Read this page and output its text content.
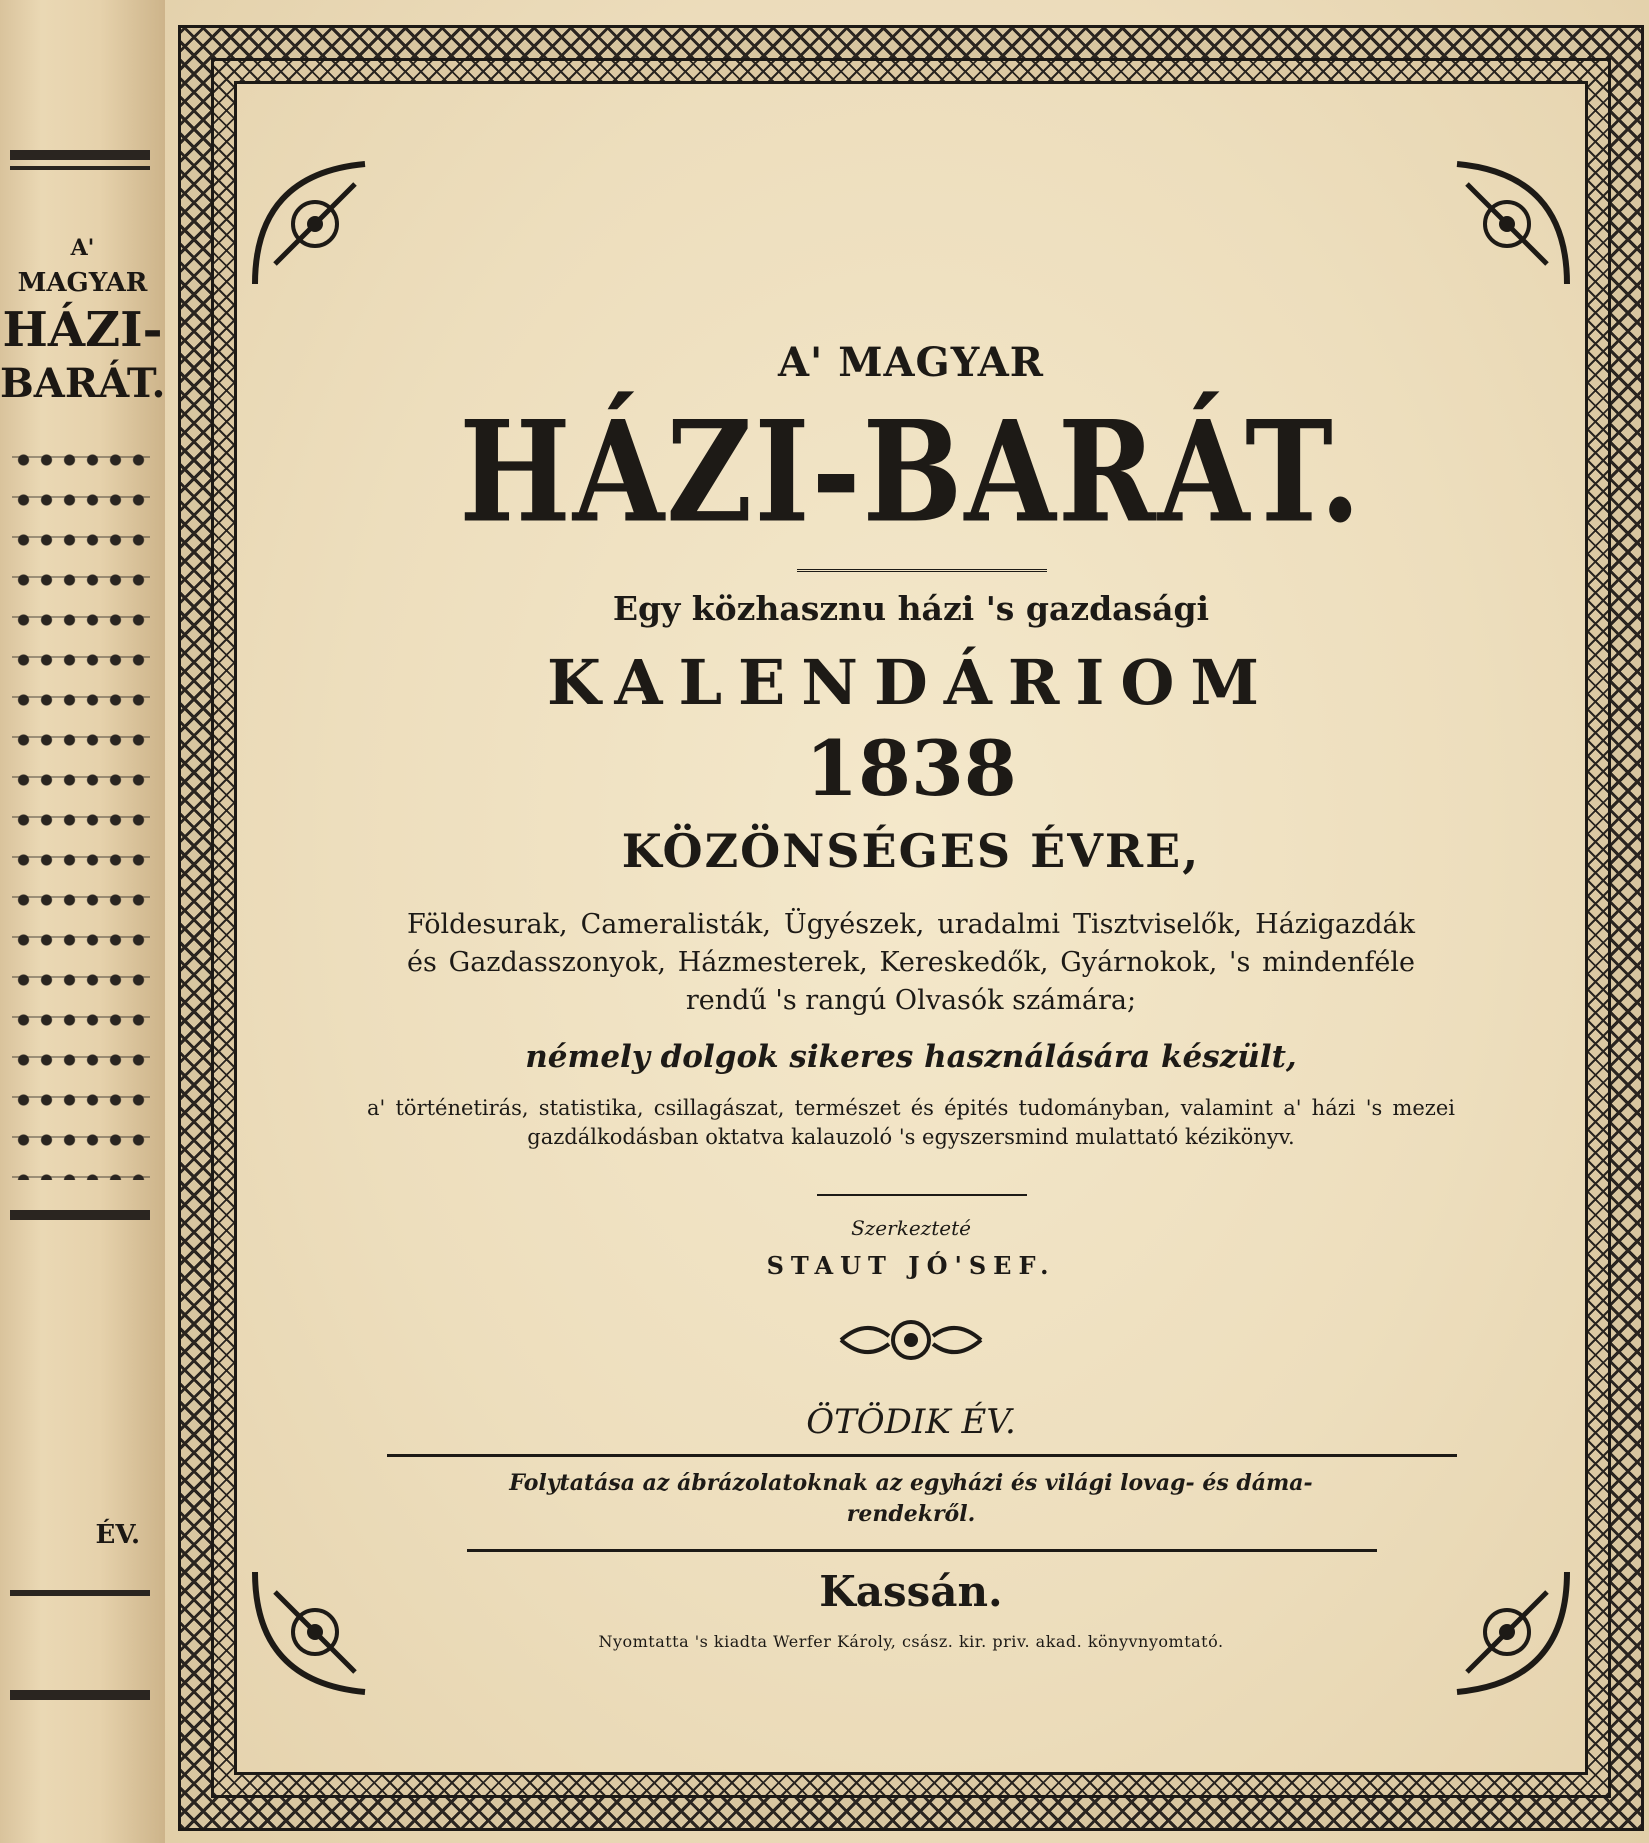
A'
MAGYAR
HÁZI-
BARÁT.
ÉV.
A' MAGYAR
HÁZI-BARÁT.
Egy közhasznu házi 's gazdasági
KALENDÁRIOM
1838
KÖZÖNSÉGES ÉVRE,
Földesurak, Cameralisták, Ügyészek, uradalmi Tisztviselők, Házigazdák és Gazdasszonyok, Házmesterek, Kereskedők, Gyárnokok, 's mindenféle rendű 's rangú Olvasók számára;
némely dolgok sikeres használására készült,
a' történetirás, statistika, csillagászat, természet és épités tudományban, valamint a' házi 's mezei gazdálkodásban oktatva kalauzoló 's egyszersmind mulattató kézikönyv.
Szerkezteté
STAUT JÓ'SEF.
ÖTÖDIK ÉV.
Folytatása az ábrázolatoknak az egyházi és világi lovag- és dáma-rendekről.
Kassán.
Nyomtatta 's kiadta Werfer Károly, csász. kir. priv. akad. könyvnyomtató.
